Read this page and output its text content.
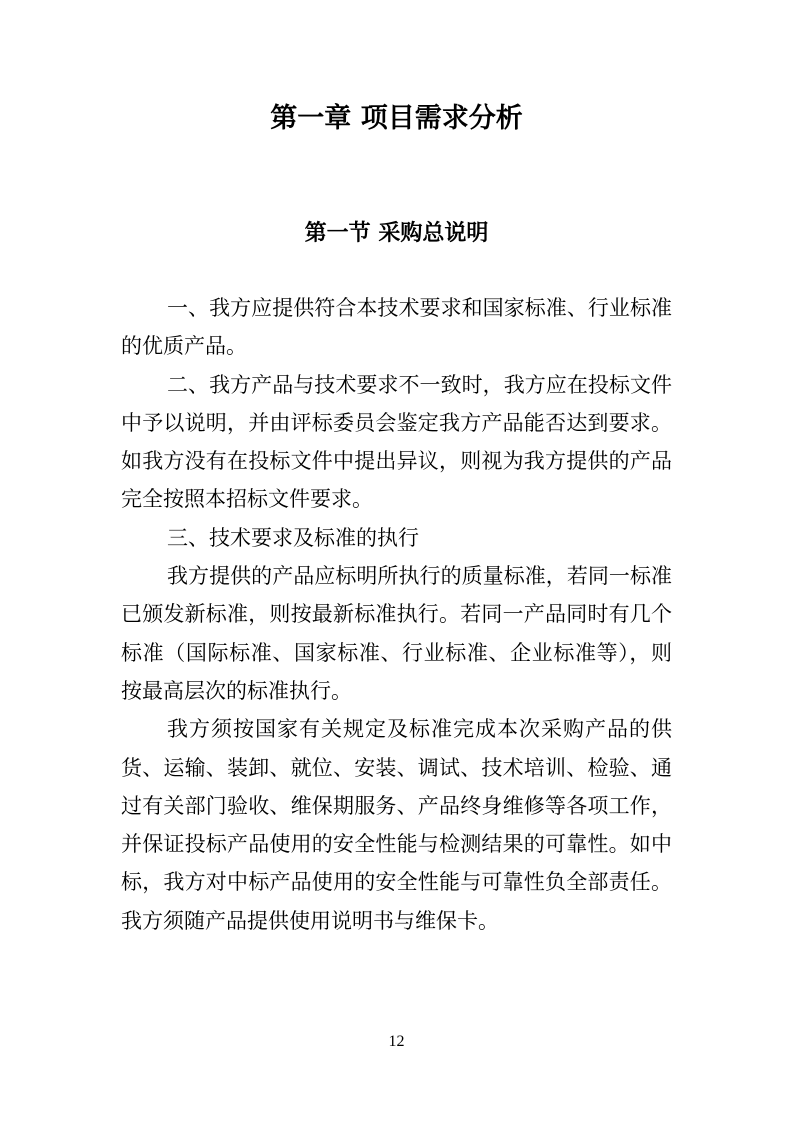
第一章 项目需求分析
第一节 采购总说明
一、我方应提供符合本技术要求和国家标准、行业标准
的优质产品。
二、我方产品与技术要求不一致时，我方应在投标文件
中予以说明，并由评标委员会鉴定我方产品能否达到要求。
如我方没有在投标文件中提出异议，则视为我方提供的产品
完全按照本招标文件要求。
三、技术要求及标准的执行
我方提供的产品应标明所执行的质量标准，若同一标准
已颁发新标准，则按最新标准执行。若同一产品同时有几个
标准（国际标准、国家标准、行业标准、企业标准等），则
按最高层次的标准执行。
我方须按国家有关规定及标准完成本次采购产品的供
货、运输、装卸、就位、安装、调试、技术培训、检验、通
过有关部门验收、维保期服务、产品终身维修等各项工作，
并保证投标产品使用的安全性能与检测结果的可靠性。如中
标，我方对中标产品使用的安全性能与可靠性负全部责任。
我方须随产品提供使用说明书与维保卡。
12
